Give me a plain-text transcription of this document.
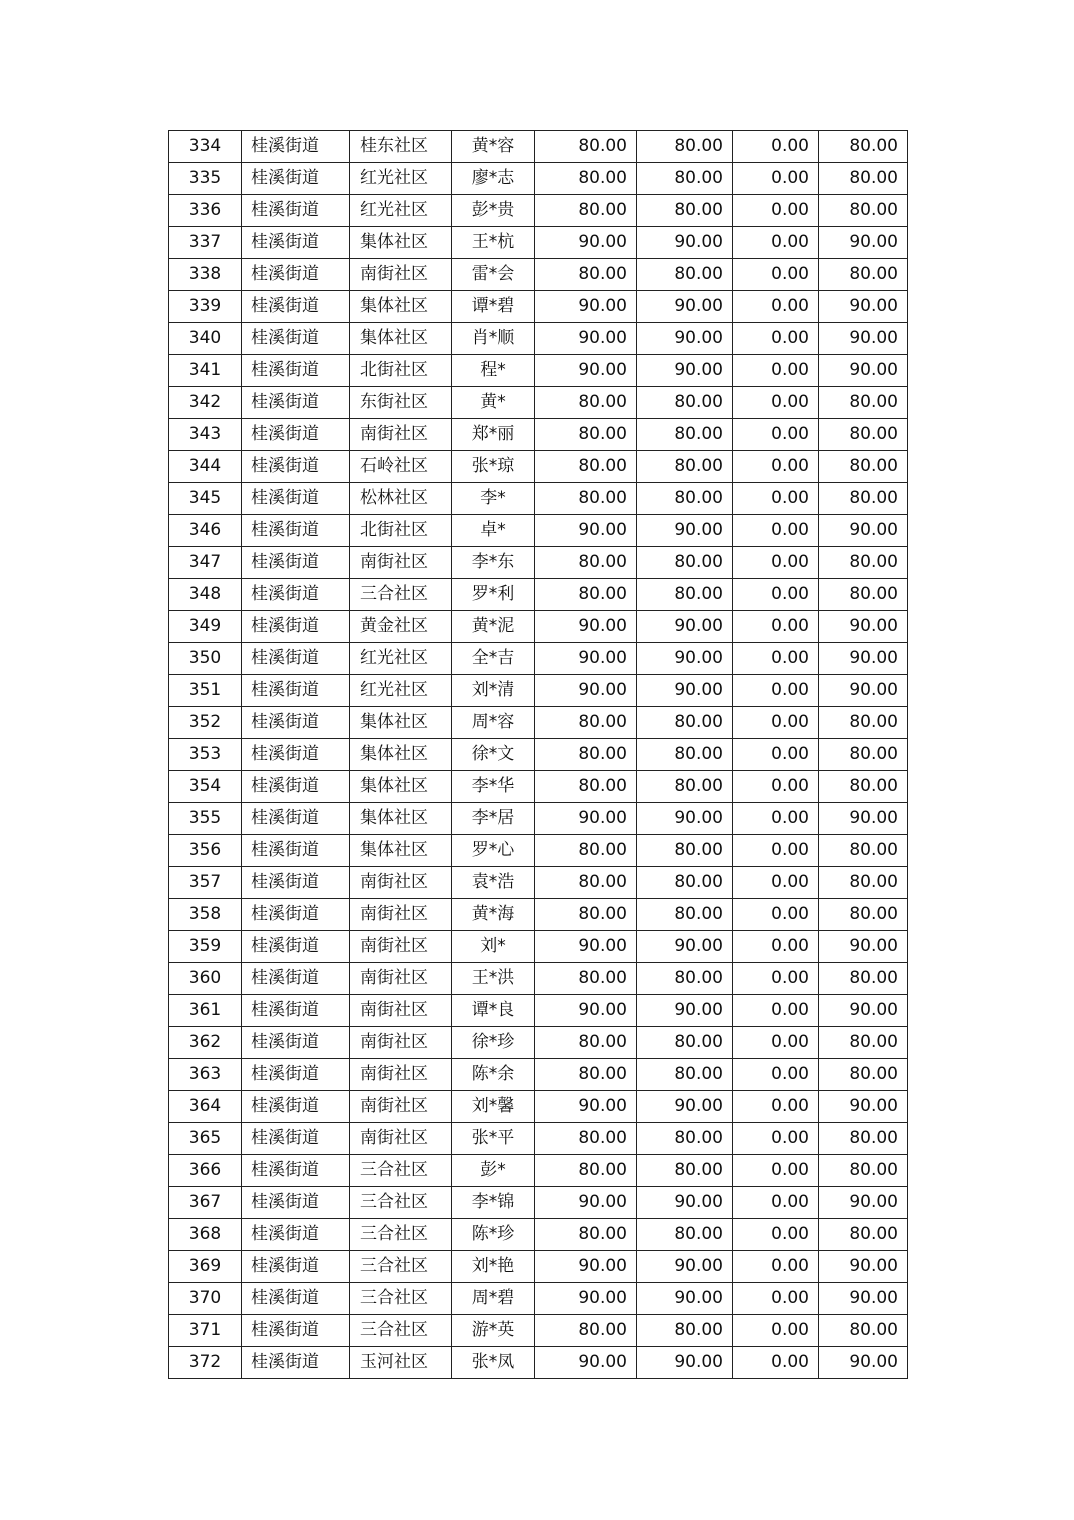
334	桂溪街道	桂东社区	黄*容	80.00	80.00	0.00	80.00
335	桂溪街道	红光社区	廖*志	80.00	80.00	0.00	80.00
336	桂溪街道	红光社区	彭*贵	80.00	80.00	0.00	80.00
337	桂溪街道	集体社区	王*杭	90.00	90.00	0.00	90.00
338	桂溪街道	南街社区	雷*会	80.00	80.00	0.00	80.00
339	桂溪街道	集体社区	谭*碧	90.00	90.00	0.00	90.00
340	桂溪街道	集体社区	肖*顺	90.00	90.00	0.00	90.00
341	桂溪街道	北街社区	程*	90.00	90.00	0.00	90.00
342	桂溪街道	东街社区	黄*	80.00	80.00	0.00	80.00
343	桂溪街道	南街社区	郑*丽	80.00	80.00	0.00	80.00
344	桂溪街道	石岭社区	张*琼	80.00	80.00	0.00	80.00
345	桂溪街道	松林社区	李*	80.00	80.00	0.00	80.00
346	桂溪街道	北街社区	卓*	90.00	90.00	0.00	90.00
347	桂溪街道	南街社区	李*东	80.00	80.00	0.00	80.00
348	桂溪街道	三合社区	罗*利	80.00	80.00	0.00	80.00
349	桂溪街道	黄金社区	黄*泥	90.00	90.00	0.00	90.00
350	桂溪街道	红光社区	全*吉	90.00	90.00	0.00	90.00
351	桂溪街道	红光社区	刘*清	90.00	90.00	0.00	90.00
352	桂溪街道	集体社区	周*容	80.00	80.00	0.00	80.00
353	桂溪街道	集体社区	徐*文	80.00	80.00	0.00	80.00
354	桂溪街道	集体社区	李*华	80.00	80.00	0.00	80.00
355	桂溪街道	集体社区	李*居	90.00	90.00	0.00	90.00
356	桂溪街道	集体社区	罗*心	80.00	80.00	0.00	80.00
357	桂溪街道	南街社区	袁*浩	80.00	80.00	0.00	80.00
358	桂溪街道	南街社区	黄*海	80.00	80.00	0.00	80.00
359	桂溪街道	南街社区	刘*	90.00	90.00	0.00	90.00
360	桂溪街道	南街社区	王*洪	80.00	80.00	0.00	80.00
361	桂溪街道	南街社区	谭*良	90.00	90.00	0.00	90.00
362	桂溪街道	南街社区	徐*珍	80.00	80.00	0.00	80.00
363	桂溪街道	南街社区	陈*余	80.00	80.00	0.00	80.00
364	桂溪街道	南街社区	刘*馨	90.00	90.00	0.00	90.00
365	桂溪街道	南街社区	张*平	80.00	80.00	0.00	80.00
366	桂溪街道	三合社区	彭*	80.00	80.00	0.00	80.00
367	桂溪街道	三合社区	李*锦	90.00	90.00	0.00	90.00
368	桂溪街道	三合社区	陈*珍	80.00	80.00	0.00	80.00
369	桂溪街道	三合社区	刘*艳	90.00	90.00	0.00	90.00
370	桂溪街道	三合社区	周*碧	90.00	90.00	0.00	90.00
371	桂溪街道	三合社区	游*英	80.00	80.00	0.00	80.00
372	桂溪街道	玉河社区	张*凤	90.00	90.00	0.00	90.00
